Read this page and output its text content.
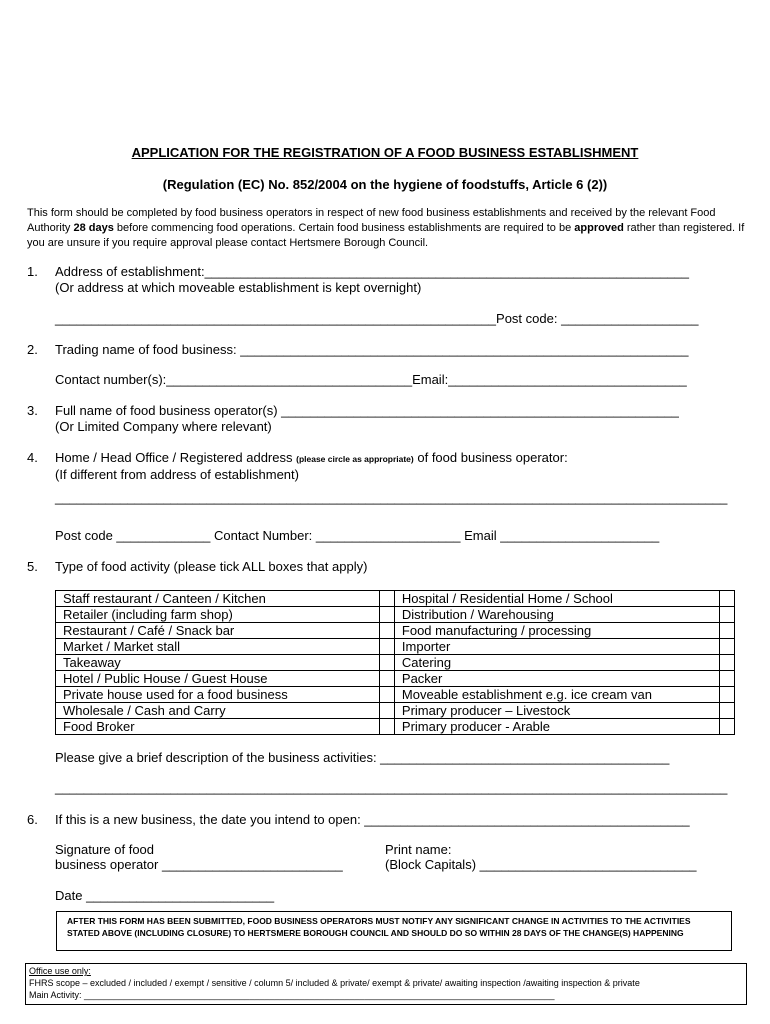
APPLICATION FOR THE REGISTRATION OF A FOOD BUSINESS ESTABLISHMENT
(Regulation (EC) No. 852/2004 on the hygiene of foodstuffs, Article 6 (2))
This form should be completed by food business operators in respect of new food business establishments and received by the relevant Food Authority 28 days before commencing food operations. Certain food business establishments are required to be approved rather than registered. If you are unsure if you require approval please contact Hertsmere Borough Council.
1. Address of establishment:___________________________________________________________________
(Or address at which moveable establishment is kept overnight)
_____________________________________________________________Post code: ___________________
2. Trading name of food business: ______________________________________________________________
Contact number(s):__________________________________Email:_________________________________
3. Full name of food business operator(s) _______________________________________________________
(Or Limited Company where relevant)
4. Home / Head Office / Registered address (please circle as appropriate) of food business operator:
(If different from address of establishment)
_____________________________________________________________________________________________
Post code _____________ Contact Number: ____________________ Email ______________________
5. Type of food activity (please tick ALL boxes that apply)
Staff restaurant / Canteen / Kitchen		Hospital / Residential Home / School	
Retailer (including farm shop)		Distribution / Warehousing	
Restaurant / Café / Snack bar		Food manufacturing / processing	
Market / Market stall		Importer	
Takeaway		Catering	
Hotel / Public House / Guest House		Packer	
Private house used for a food business		Moveable establishment e.g. ice cream van	
Wholesale / Cash and Carry		Primary producer – Livestock	
Food Broker		Primary producer - Arable	
Please give a brief description of the business activities: ________________________________________
_____________________________________________________________________________________________
6. If this is a new business, the date you intend to open: _____________________________________________
Signature of food
business operator _________________________
Print name:
(Block Capitals) ______________________________
Date __________________________
AFTER THIS FORM HAS BEEN SUBMITTED, FOOD BUSINESS OPERATORS MUST NOTIFY ANY SIGNIFICANT CHANGE IN ACTIVITIES TO THE ACTIVITIES STATED ABOVE (INCLUDING CLOSURE) TO HERTSMERE BOROUGH COUNCIL AND SHOULD DO SO WITHIN 28 DAYS OF THE CHANGE(S) HAPPENING
Office use only:
FHRS scope – excluded / included / exempt / sensitive / column 5/ included & private/ exempt & private/ awaiting inspection /awaiting inspection & private
Main Activity: ______________________________________________________________________________________________
